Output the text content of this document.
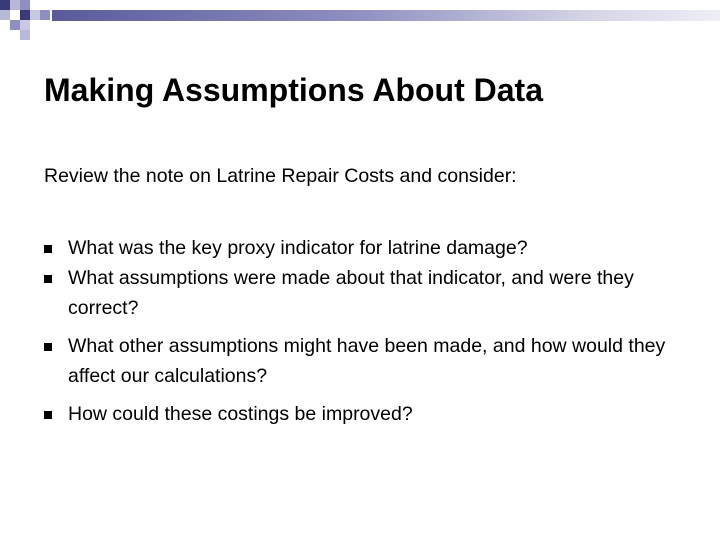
Making Assumptions About Data

Review the note on Latrine Repair Costs and consider:

What was the key proxy indicator for latrine damage?
What assumptions were made about that indicator, and were they correct?
What other assumptions might have been made, and how would they affect our calculations?
How could these costings be improved?
